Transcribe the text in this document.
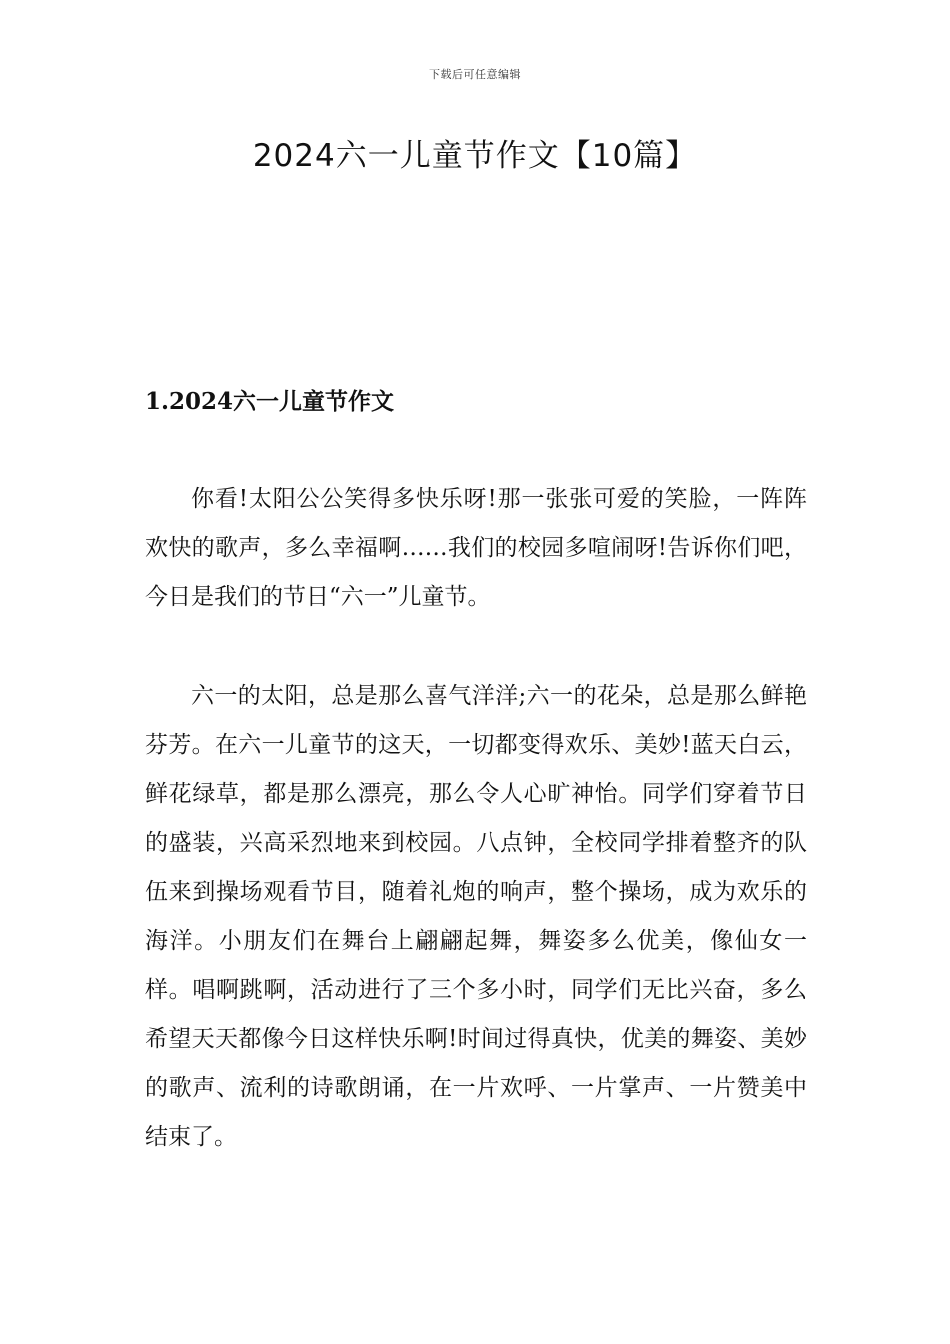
下载后可任意编辑
2024六一儿童节作文【10篇】
1.2024六一儿童节作文

你看!太阳公公笑得多快乐呀!那一张张可爱的笑脸，一阵阵欢快的歌声，多么幸福啊……我们的校园多喧闹呀!告诉你们吧，今日是我们的节日“六一”儿童节。

六一的太阳，总是那么喜气洋洋;六一的花朵，总是那么鲜艳芬芳。在六一儿童节的这天，一切都变得欢乐、美妙!蓝天白云，鲜花绿草，都是那么漂亮，那么令人心旷神怡。同学们穿着节日的盛装，兴高采烈地来到校园。八点钟，全校同学排着整齐的队伍来到操场观看节目，随着礼炮的响声，整个操场，成为欢乐的海洋。小朋友们在舞台上翩翩起舞，舞姿多么优美，像仙女一样。唱啊跳啊，活动进行了三个多小时，同学们无比兴奋，多么希望天天都像今日这样快乐啊!时间过得真快，优美的舞姿、美妙的歌声、流利的诗歌朗诵，在一片欢呼、一片掌声、一片赞美中结束了。
